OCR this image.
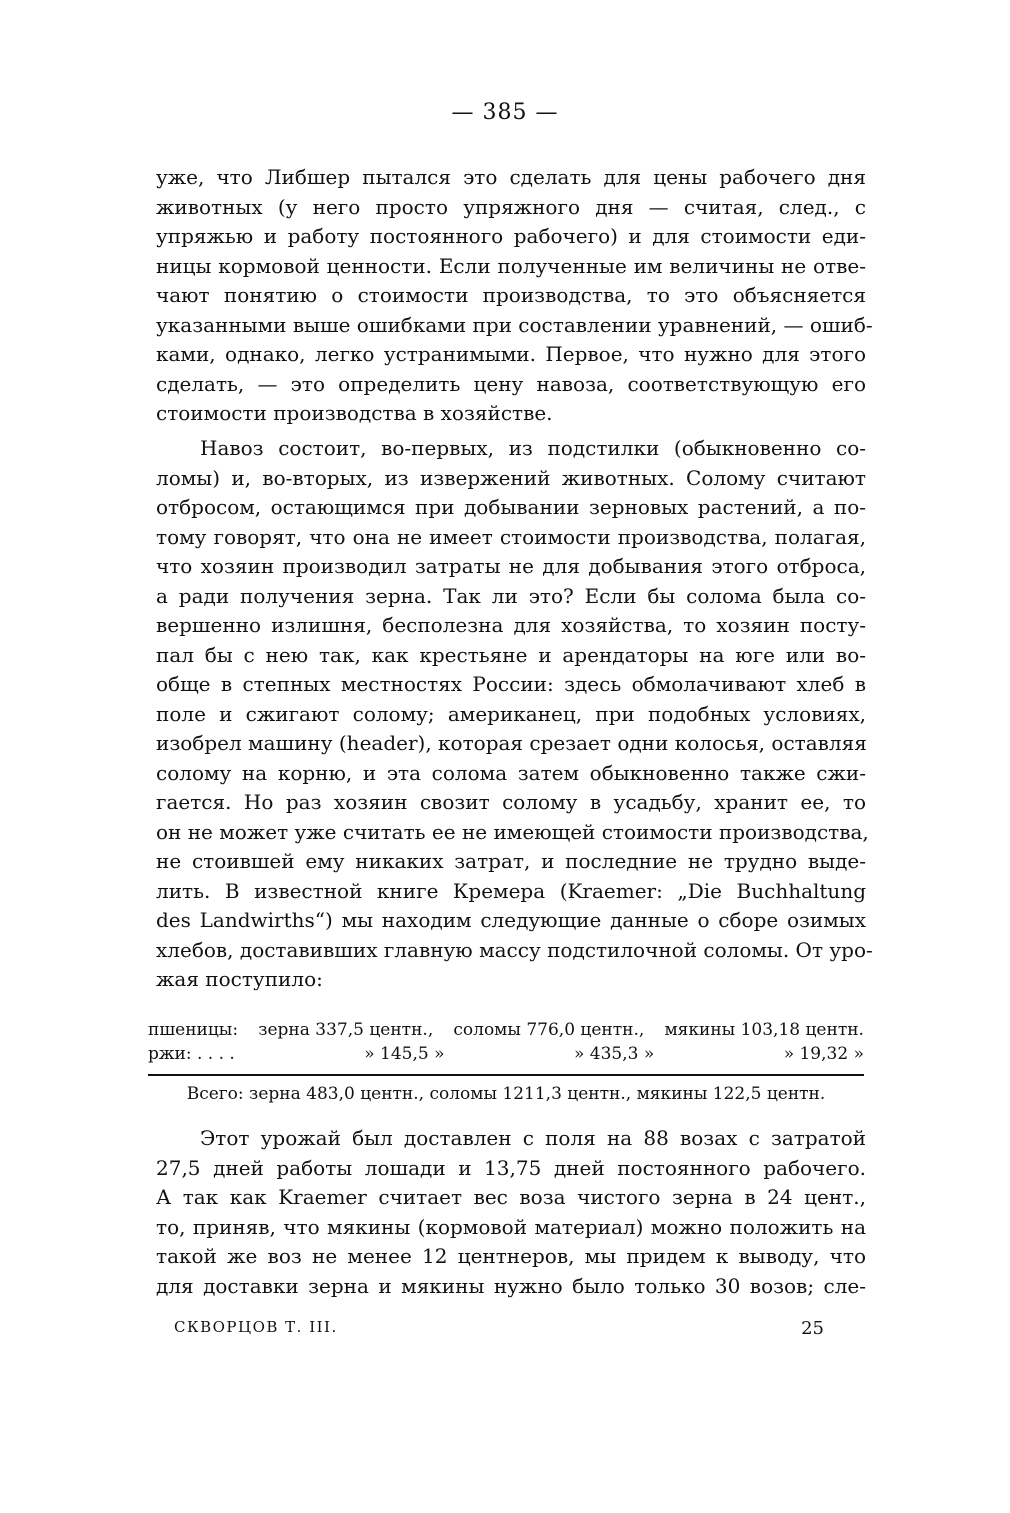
— 385 —
уже, что Либшер пытался это сделать для цены рабочего дня
животных (у него просто упряжного дня — считая, след., с
упряжью и работу постоянного рабочего) и для стоимости еди-
ницы кормовой ценности. Если полученные им величины не отве-
чают понятию о стоимости производства, то это объясняется
указанными выше ошибками при составлении уравнений, — ошиб-
ками, однако, легко устранимыми. Первое, что нужно для этого
сделать, — это определить цену навоза, соответствующую его
стоимости производства в хозяйстве.
Навоз состоит, во-первых, из подстилки (обыкновенно со-
ломы) и, во-вторых, из извержений животных. Солому считают
отбросом, остающимся при добывании зерновых растений, а по-
тому говорят, что она не имеет стоимости производства, полагая,
что хозяин производил затраты не для добывания этого отброса,
а ради получения зерна. Так ли это? Если бы солома была со-
вершенно излишня, бесполезна для хозяйства, то хозяин посту-
пал бы с нею так, как крестьяне и арендаторы на юге или во-
обще в степных местностях России: здесь обмолачивают хлеб в
поле и сжигают солому; американец, при подобных условиях,
изобрел машину (header), которая срезает одни колосья, оставляя
солому на корню, и эта солома затем обыкновенно также сжи-
гается. Но раз хозяин свозит солому в усадьбу, хранит ее, то
он не может уже считать ее не имеющей стоимости производства,
не стоившей ему никаких затрат, и последние не трудно выде-
лить. В известной книге Кремера (Kraemer: „Die Buchhaltung
des Landwirths“) мы находим следующие данные о сборе озимых
хлебов, доставивших главную массу подстилочной соломы. От уро-
жая поступило:
пшеницы: зерна 337,5 центн., соломы 776,0 центн., мякины 103,18 центн.
ржи: . . . .	» 145,5 »	» 435,3 »	» 19,32 »
Всего: зерна 483,0 центн., соломы 1211,3 центн., мякины 122,5 центн.
Этот урожай был доставлен с поля на 88 возах с затратой
27,5 дней работы лошади и 13,75 дней постоянного рабочего.
А так как Kraemer считает вес воза чистого зерна в 24 цент.,
то, приняв, что мякины (кормовой материал) можно положить на
такой же воз не менее 12 центнеров, мы придем к выводу, что
для доставки зерна и мякины нужно было только 30 возов; сле-
СКВОРЦОВ Т. III.	25
